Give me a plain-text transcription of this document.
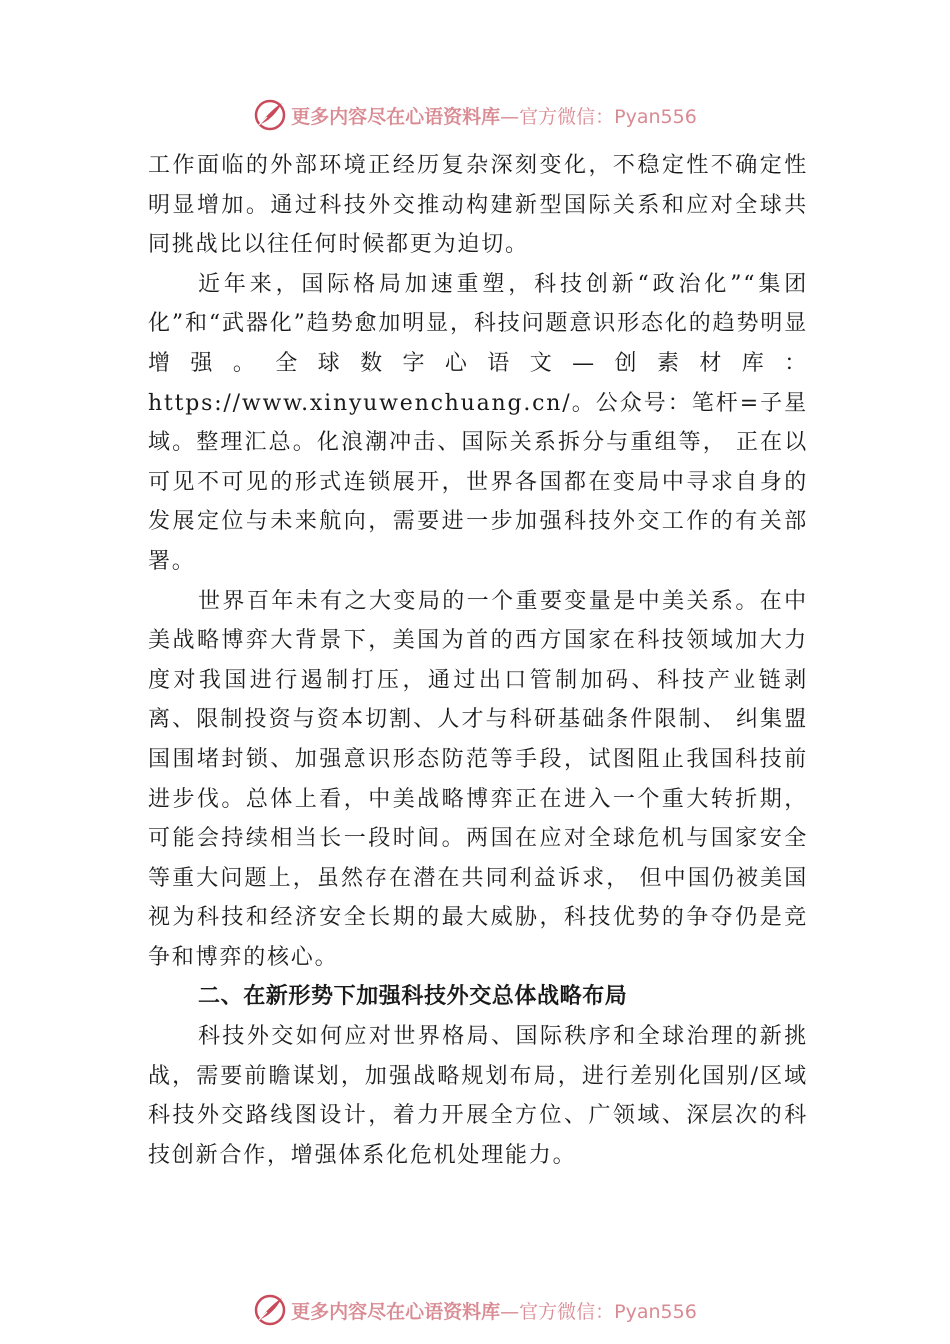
更多内容尽在心语资料库 —官方微信：Pyan556

工作面临的外部环境正经历复杂深刻变化，不稳定性不确定性明显增加。通过科技外交推动构建新型国际关系和应对全球共同挑战比以往任何时候都更为迫切。

近年来，国际格局加速重塑，科技创新“政治化”“集团化”和“武器化”趋势愈加明显，科技问题意识形态化的趋势明显增强。全球数字心语文—创素材库：https://www.xinyuwenchuang.cn/。公众号：笔杆=子星域。整理汇总。化浪潮冲击、国际关系拆分与重组等， 正在以可见不可见的形式连锁展开，世界各国都在变局中寻求自身的发展定位与未来航向，需要进一步加强科技外交工作的有关部署。

世界百年未有之大变局的一个重要变量是中美关系。在中美战略博弈大背景下，美国为首的西方国家在科技领域加大力度对我国进行遏制打压，通过出口管制加码、科技产业链剥离、限制投资与资本切割、人才与科研基础条件限制、 纠集盟国围堵封锁、加强意识形态防范等手段，试图阻止我国科技前进步伐。总体上看，中美战略博弈正在进入一个重大转折期，可能会持续相当长一段时间。两国在应对全球危机与国家安全等重大问题上，虽然存在潜在共同利益诉求， 但中国仍被美国视为科技和经济安全长期的最大威胁，科技优势的争夺仍是竞争和博弈的核心。

二、在新形势下加强科技外交总体战略布局

科技外交如何应对世界格局、国际秩序和全球治理的新挑战，需要前瞻谋划，加强战略规划布局，进行差别化国别/区域科技外交路线图设计，着力开展全方位、广领域、深层次的科技创新合作，增强体系化危机处理能力。

更多内容尽在心语资料库 —官方微信：Pyan556
